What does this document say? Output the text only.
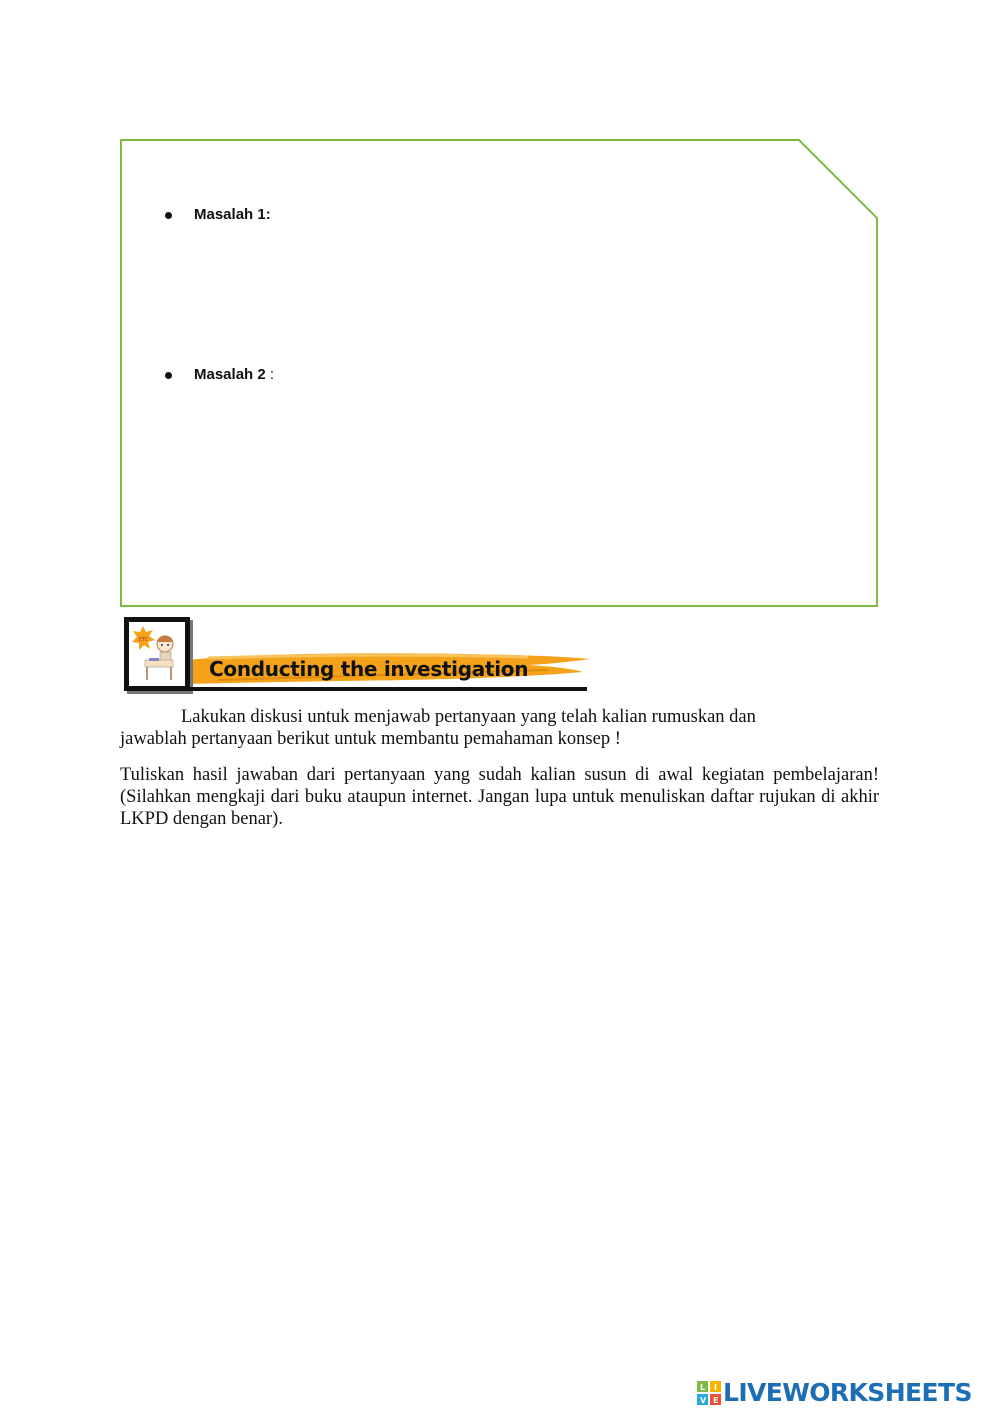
Masalah 1:
Masalah 2 :
ETC
Conducting the investigation
Lakukan diskusi untuk menjawab pertanyaan yang telah kalian rumuskan dan
jawablah pertanyaan berikut untuk membantu pemahaman konsep !
Tuliskan hasil jawaban dari pertanyaan yang sudah kalian susun di awal kegiatan pembelajaran! (Silahkan mengkaji dari buku ataupun internet. Jangan lupa untuk menuliskan daftar rujukan di akhir LKPD dengan benar).
L I
V E LIVEWORKSHEETS
